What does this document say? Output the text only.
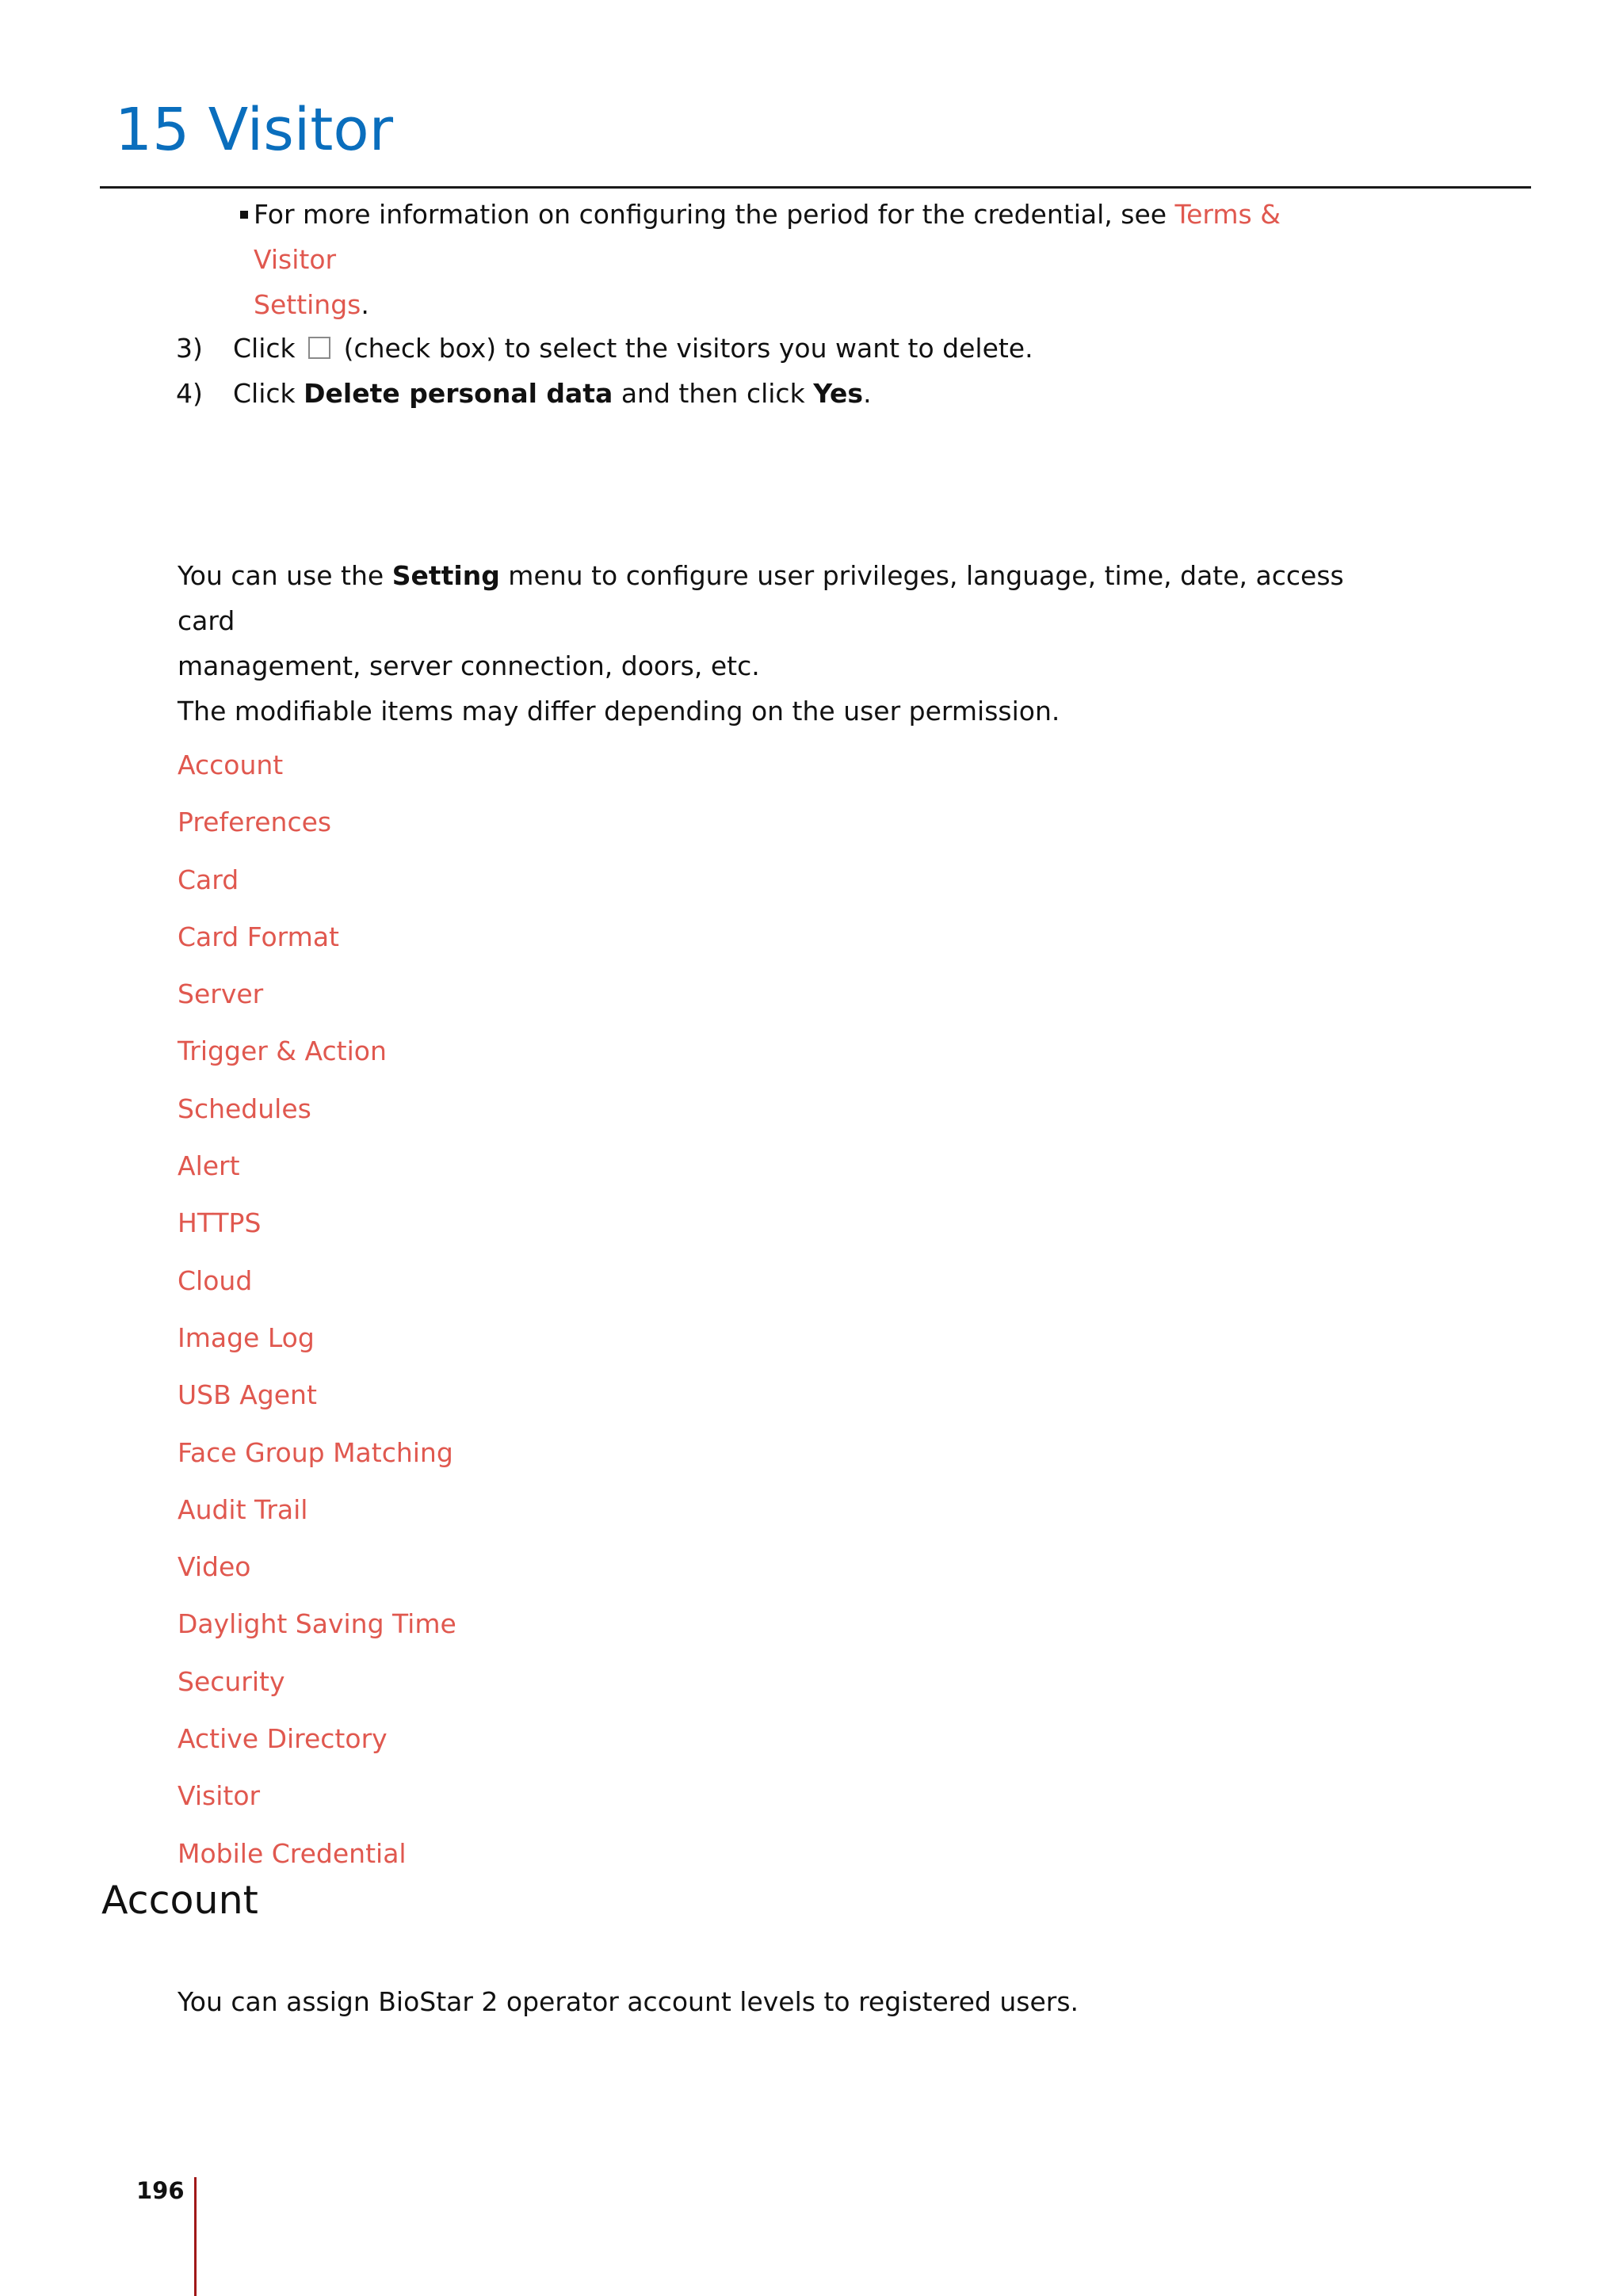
15 Visitor
For more information on configuring the period for the credential, see Terms & Visitor
Settings.
3) Click  (check box) to select the visitors you want to delete.
4) Click Delete personal data and then click Yes.

You can use the Setting menu to configure user privileges, language, time, date, access card

management, server connection, doors, etc.

The modifiable items may differ depending on the user permission.

Account
Preferences
Card
Card Format
Server
Trigger & Action
Schedules
Alert
HTTPS
Cloud
Image Log
USB Agent
Face Group Matching
Audit Trail
Video
Daylight Saving Time
Security
Active Directory
Visitor
Mobile Credential
Account

You can assign BioStar 2 operator account levels to registered users.

196
